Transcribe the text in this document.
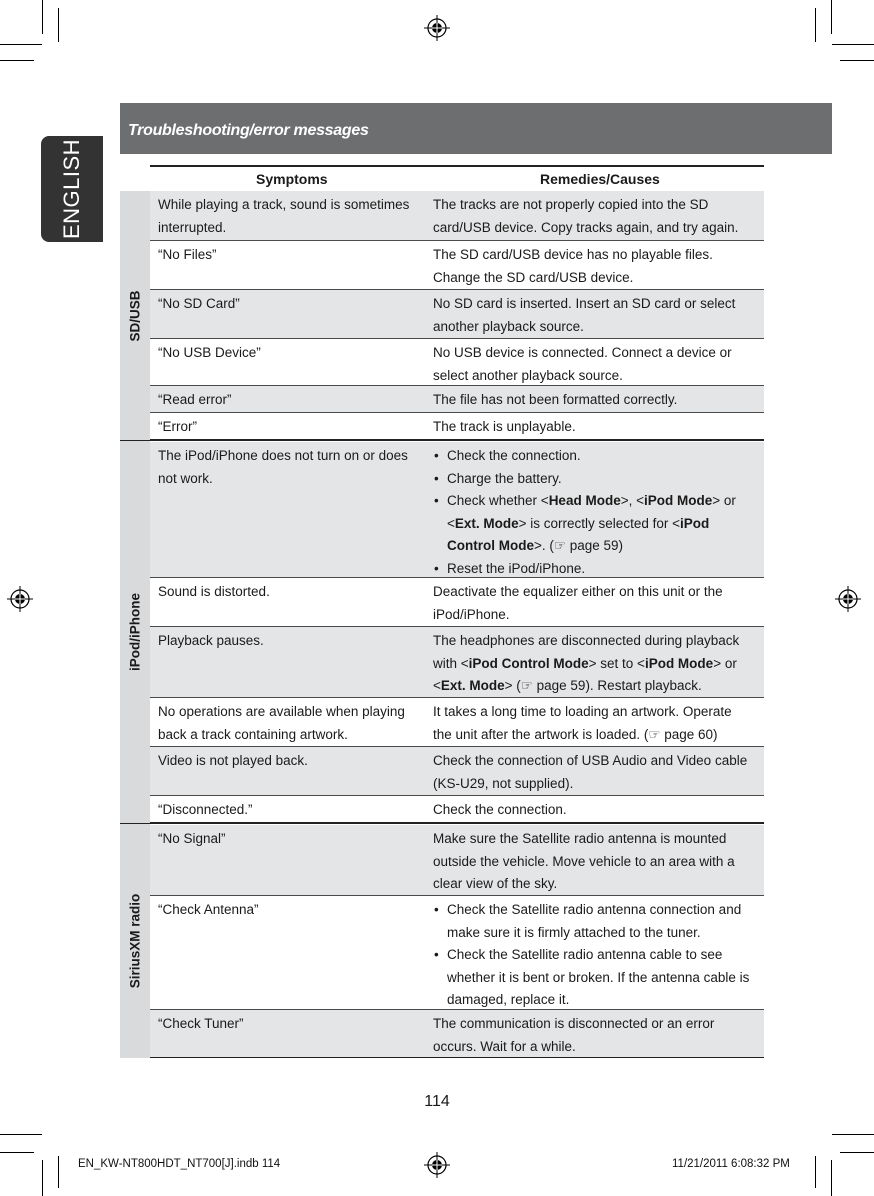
ENGLISH
Troubleshooting/error messages
Symptoms	Remedies/Causes
SD/USB
iPod/iPhone
SiriusXM radio
While playing a track, sound is sometimes interrupted.
The tracks are not properly copied into the SD card/USB device. Copy tracks again, and try again.
“No Files”	The SD card/USB device has no playable files. Change the SD card/USB device.
“No SD Card”	No SD card is inserted. Insert an SD card or select another playback source.
“No USB Device”	No USB device is connected. Connect a device or select another playback source.
“Read error”	The file has not been formatted correctly.
“Error”	The track is unplayable.
The iPod/iPhone does not turn on or does not work.
• Check the connection.
• Charge the battery.
• Check whether <Head Mode>, <iPod Mode> or <Ext. Mode> is correctly selected for <iPod Control Mode>. (☞ page 59)
• Reset the iPod/iPhone.
Sound is distorted.	Deactivate the equalizer either on this unit or the iPod/iPhone.
Playback pauses.	The headphones are disconnected during playback with <iPod Control Mode> set to <iPod Mode> or <Ext. Mode> (☞ page 59). Restart playback.
No operations are available when playing back a track containing artwork.
It takes a long time to loading an artwork. Operate the unit after the artwork is loaded. (☞ page 60)
Video is not played back.	Check the connection of USB Audio and Video cable (KS-U29, not supplied).
“Disconnected.”	Check the connection.
“No Signal”	Make sure the Satellite radio antenna is mounted outside the vehicle. Move vehicle to an area with a clear view of the sky.
“Check Antenna”
•	Check the Satellite radio antenna connection and make sure it is firmly attached to the tuner.
• Check the Satellite radio antenna cable to see whether it is bent or broken. If the antenna cable is damaged, replace it.
“Check Tuner”	The communication is disconnected or an error occurs. Wait for a while.
114
EN_KW-NT800HDT_NT700[J].indb 114	11/21/2011 6:08:32 PM
